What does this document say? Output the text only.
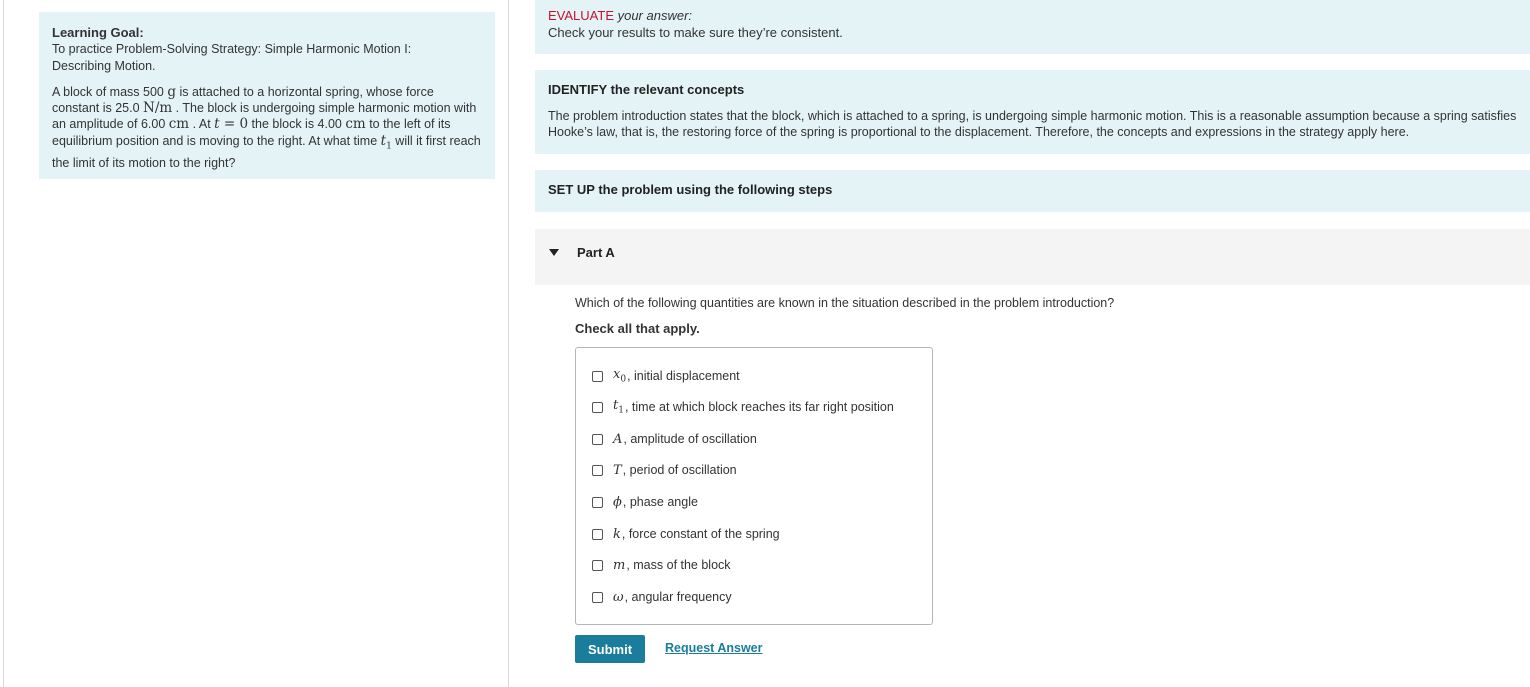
Learning Goal:

To practice Problem-Solving Strategy: Simple Harmonic Motion I:
Describing Motion.

A block of mass 500 g is attached to a horizontal spring, whose force constant is 25.0 N/m . The block is undergoing simple harmonic motion with an amplitude of 6.00 cm . At t = 0 the block is 4.00 cm to the left of its equilibrium position and is moving to the right. At what time $t_1$ will it first reach the limit of its motion to the right?

EVALUATE your answer:
Check your results to make sure they’re consistent.
IDENTIFY the relevant concepts
The problem introduction states that the block, which is attached to a spring, is undergoing simple harmonic motion. This is a reasonable assumption because a spring satisfies
Hooke’s law, that is, the restoring force of the spring is proportional to the displacement. Therefore, the concepts and expressions in the strategy apply here.
SET UP the problem using the following steps
Part A
Which of the following quantities are known in the situation described in the problem introduction?
Check all that apply.
$x_0$ , initial displacement
$t_1$ , time at which block reaches its far right position
A , amplitude of oscillation
T , period of oscillation
ϕ , phase angle
k , force constant of the spring
m , mass of the block
ω , angular frequency
Submit	Request Answer
